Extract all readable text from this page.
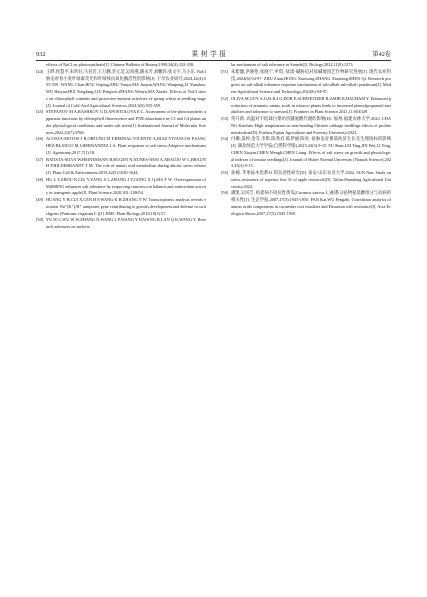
932	果 树 学 报	第42卷

effects of NaCl on photosynthesis[J]. Chinese Bulletin of Botany,1999,34(4):332-338.

[44] 王晔,侯慧平,朱昕钰,马君若,王万鹏,李元昊,吴海燕,潘永芳,刘鹏炜,张文宇,马小乐. NaCl 胁迫对春小麦叶绿素荧光和叶绿体抗氧化酶活性的影响[J]. 干旱农业研究,2024,42(4):555-559. WANG Chan,HOU Geping,ZHU Yanyu,MA Junjun,WANG Wanpeng,LI Yuanhao,WU Haiyan,HUI Yongfang,LIU Pengwei,ZHANG Wenyu,MA Xiaole. Effects of NaCl stress on chlorophyll contents and protective enzyme activities of spring wheat at seedling stage[J]. Journal of Cold-Arid Agricultural Sciences,2024,3(6):555-559.

[45] STEFANOV M A,RASHKOV G D,APOSTOLOVA E L. Assessment of the photosynthetic apparatus functions by chlorophyll fluorescence and P700 absorbance in C3 and C4 plants under physiological conditions and under salt stress[J]. International Journal of Molecular Sciences,2022,23(7):3768.

[46] ACOSTA-MOTOS J R,ORTUÑO M F,BERNAL-VICENTE A,DIAZ-VIVANCOS P,SANCHEZ-BLANCO M J,HERNANDEZ J A. Plant responses to salt stress:Adaptive mechanisms[J]. Agronomy,2017,7(1):18.

[47] BATISTA-SILVA W,HEINEMANN B,RUGEN N,NUNES-NESI A,ARAÚJO W L,BRAUN H P,HILDEBRANDT T M. The role of amino acid metabolism during abiotic stress release[J]. Plant,Cell & Environment,2019,42(5):1630-1644.

[48] HU L Y,ZHOU K,LIU Y,YANG S L,ZHANG J Y,GONG X Q,MA F W. Overexpression of MdMIPS1 enhances salt tolerance by improving osmosis,ion balance,and antioxidant activity in transgenic apple[J]. Plant Science,2020,301:110654.

[49] HUANG Y H,CUI X,CEN H F,WANG K H,ZHANG Y W. Transcriptomic analysis reveals vacuolar Na⁺(K⁺)/H⁺ antiporter gene contributing to growth,development,and defense in switchgrass (Panicum virgatum L.)[J]. BMC Plant Biology,2018,18(1):57.

[50] YU W C,WU W W,ZHANG N,WANG L P,WANG Y H,WANG B,LAN Q K,WANG Y. Research advances on molecu-

lar mechanism of salt tolerance in Suaeda[J]. Biology,2022,11(9):1273.

[51] 朱紫懿,洪晓伦,张晓宁,申琪. 盐渍-碱胁迫对盐碱地园艺作物研究进展[J]. 现代农业科技,2024(6):94-97. ZHU Zitan,HONG Xiaosong,ZHANG Xiaoning,SHEN Qi. Research progress on salt-alkali tolerance response mechanism of salt-alkali salt-alkali ponderum[J]. Modern Agricultural Science and Technology,2024(6):94-97.

[52] OLIVA M,GUY A,GALILI G,DOR E,SCHWEITZER R,AMIR R,HACHAM Y. Enhanced production of aromatic amino acids in tobacco plants leads to increased phenylpropanoid metabolites and tolerance to stresses[J]. Frontiers in Plant Science,2021,11:604349.

[53] 常开新. 高温对不结球白菜幼苗脯氨酸代谢的影响[D]. 福州:福建农林大学,2023. CHANG Kaizhen. High temperature on non-heading Chinese cabbage seedlings effects of proline metabolism[D]. Fuzhou:Fujian Agriculture and Forestry University,2023.

[54] 付珊,雷婷,金雪,李影,陈秀君,陈梦丽,陈亮. 盐胁迫对番茄幼苗生长及生理指标的影响[J]. 湖北师范大学学报(自然科学版),2023,43(3):9-15. FU Shan,LEI Ting,JIN Wei,LI Ying,CHEN Xiujun,CHEN Mengli,CHEN Liang. Effects of salt stress on growth and physiological indexes of tomato seedlings[J]. Journal of Hubei Normal University (Natural Science),2023,43(3):9-15.

[55] 孙楠. 苹果砧木优系31 的抗逆性研究[D]. 泰安:山东农业大学,2022. SUN Nan. Study on stress resistance of superior line 31 of apple rootstock[D]. Tai'an:Shandong Agricultural University,2022.

[56] 潘凯,吴凤芝. 枯萎病不同抗性黄瓜(Cucumis sativus L.)根系分泌物氨基酸组分与抗病的相关性[J]. 生态学报,2007,27(5):1945-1950. PAN Kai,WU Fengzhi. Correlation analysis of amino acids components in cucumber root exudates and Fusarium wilt resistance[J]. Acta Ecologica Sinica,2007,27(5):1945-1950.
